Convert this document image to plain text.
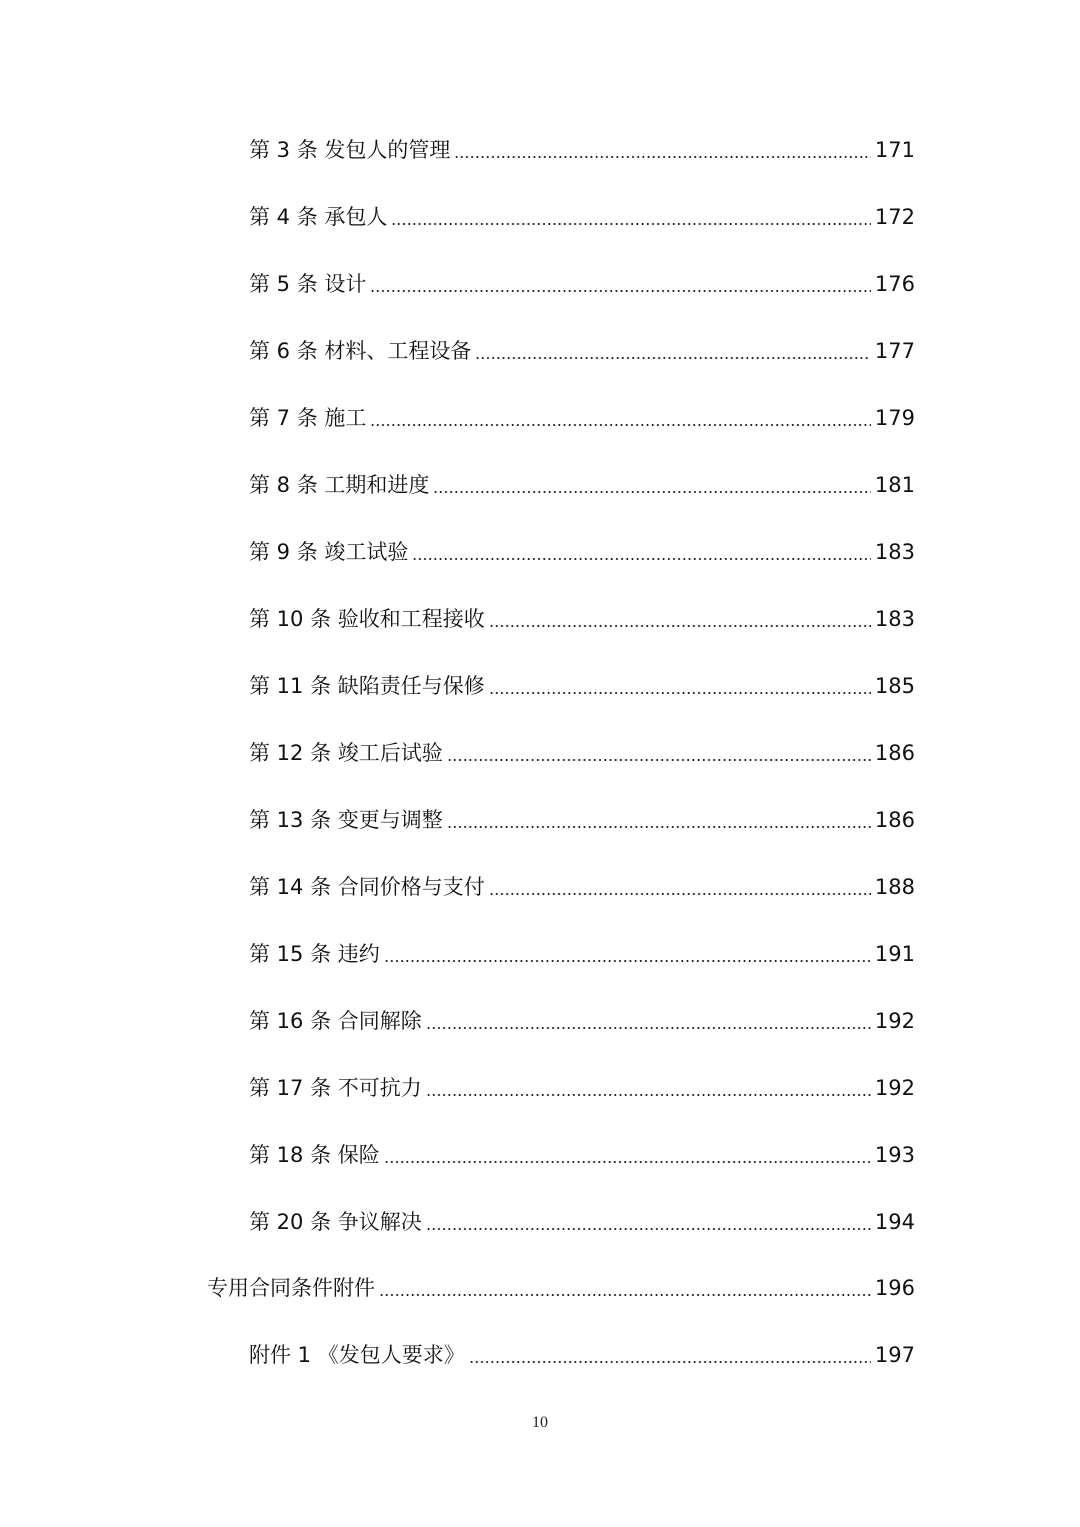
第 3 条 发包人的管理	171
第 4 条 承包人	172
第 5 条 设计	176
第 6 条 材料、工程设备	177
第 7 条 施工	179
第 8 条 工期和进度	181
第 9 条 竣工试验	183
第 10 条 验收和工程接收	183
第 11 条 缺陷责任与保修	185
第 12 条 竣工后试验	186
第 13 条 变更与调整	186
第 14 条 合同价格与支付	188
第 15 条 违约	191
第 16 条 合同解除	192
第 17 条 不可抗力	192
第 18 条 保险	193
第 20 条 争议解决	194
专用合同条件附件	196
附件 1 《发包人要求》	197
10
